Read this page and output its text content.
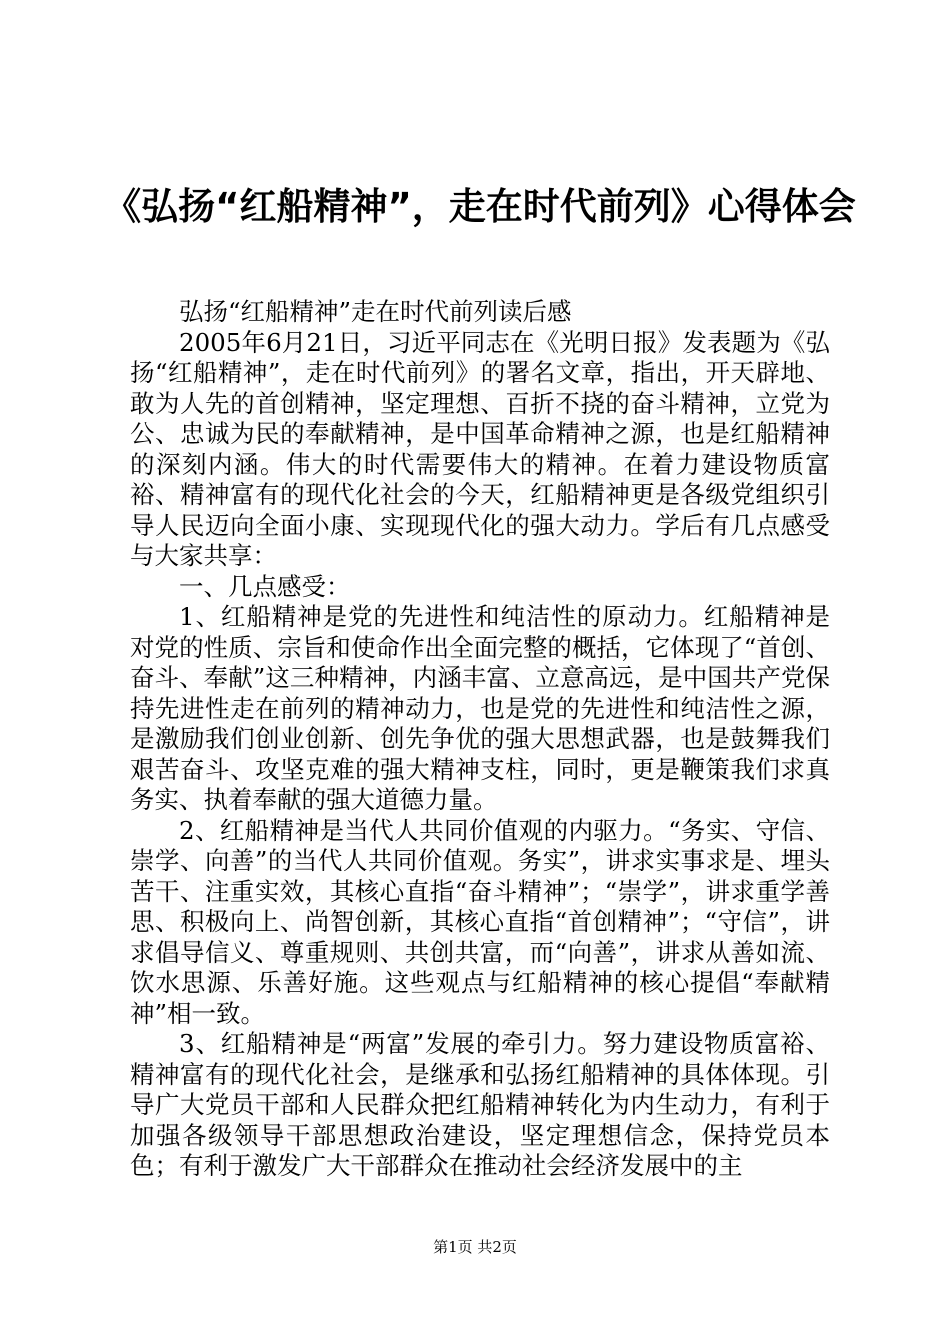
《弘扬“红船精神”，走在时代前列》心得体会

弘扬“红船精神”走在时代前列读后感

2005年6月21日，习近平同志在《光明日报》发表题为《弘扬“红船精神”，走在时代前列》的署名文章，指出，开天辟地、敢为人先的首创精神，坚定理想、百折不挠的奋斗精神，立党为公、忠诚为民的奉献精神，是中国革命精神之源，也是红船精神的深刻内涵。伟大的时代需要伟大的精神。在着力建设物质富裕、精神富有的现代化社会的今天，红船精神更是各级党组织引导人民迈向全面小康、实现现代化的强大动力。学后有几点感受与大家共享：

一、几点感受：

1、红船精神是党的先进性和纯洁性的原动力。红船精神是对党的性质、宗旨和使命作出全面完整的概括，它体现了“首创、奋斗、奉献”这三种精神，内涵丰富、立意高远，是中国共产党保持先进性走在前列的精神动力，也是党的先进性和纯洁性之源，是激励我们创业创新、创先争优的强大思想武器，也是鼓舞我们艰苦奋斗、攻坚克难的强大精神支柱，同时，更是鞭策我们求真务实、执着奉献的强大道德力量。

2、红船精神是当代人共同价值观的内驱力。“务实、守信、崇学、向善”的当代人共同价值观。务实”，讲求实事求是、埋头苦干、注重实效，其核心直指“奋斗精神”；“崇学”，讲求重学善思、积极向上、尚智创新，其核心直指“首创精神”；“守信”，讲求倡导信义、尊重规则、共创共富，而“向善”，讲求从善如流、饮水思源、乐善好施。这些观点与红船精神的核心提倡“奉献精神”相一致。

3、红船精神是“两富”发展的牵引力。努力建设物质富裕、精神富有的现代化社会，是继承和弘扬红船精神的具体体现。引导广大党员干部和人民群众把红船精神转化为内生动力，有利于加强各级领导干部思想政治建设，坚定理想信念，保持党员本色；有利于激发广大干部群众在推动社会经济发展中的主

第1页 共2页
